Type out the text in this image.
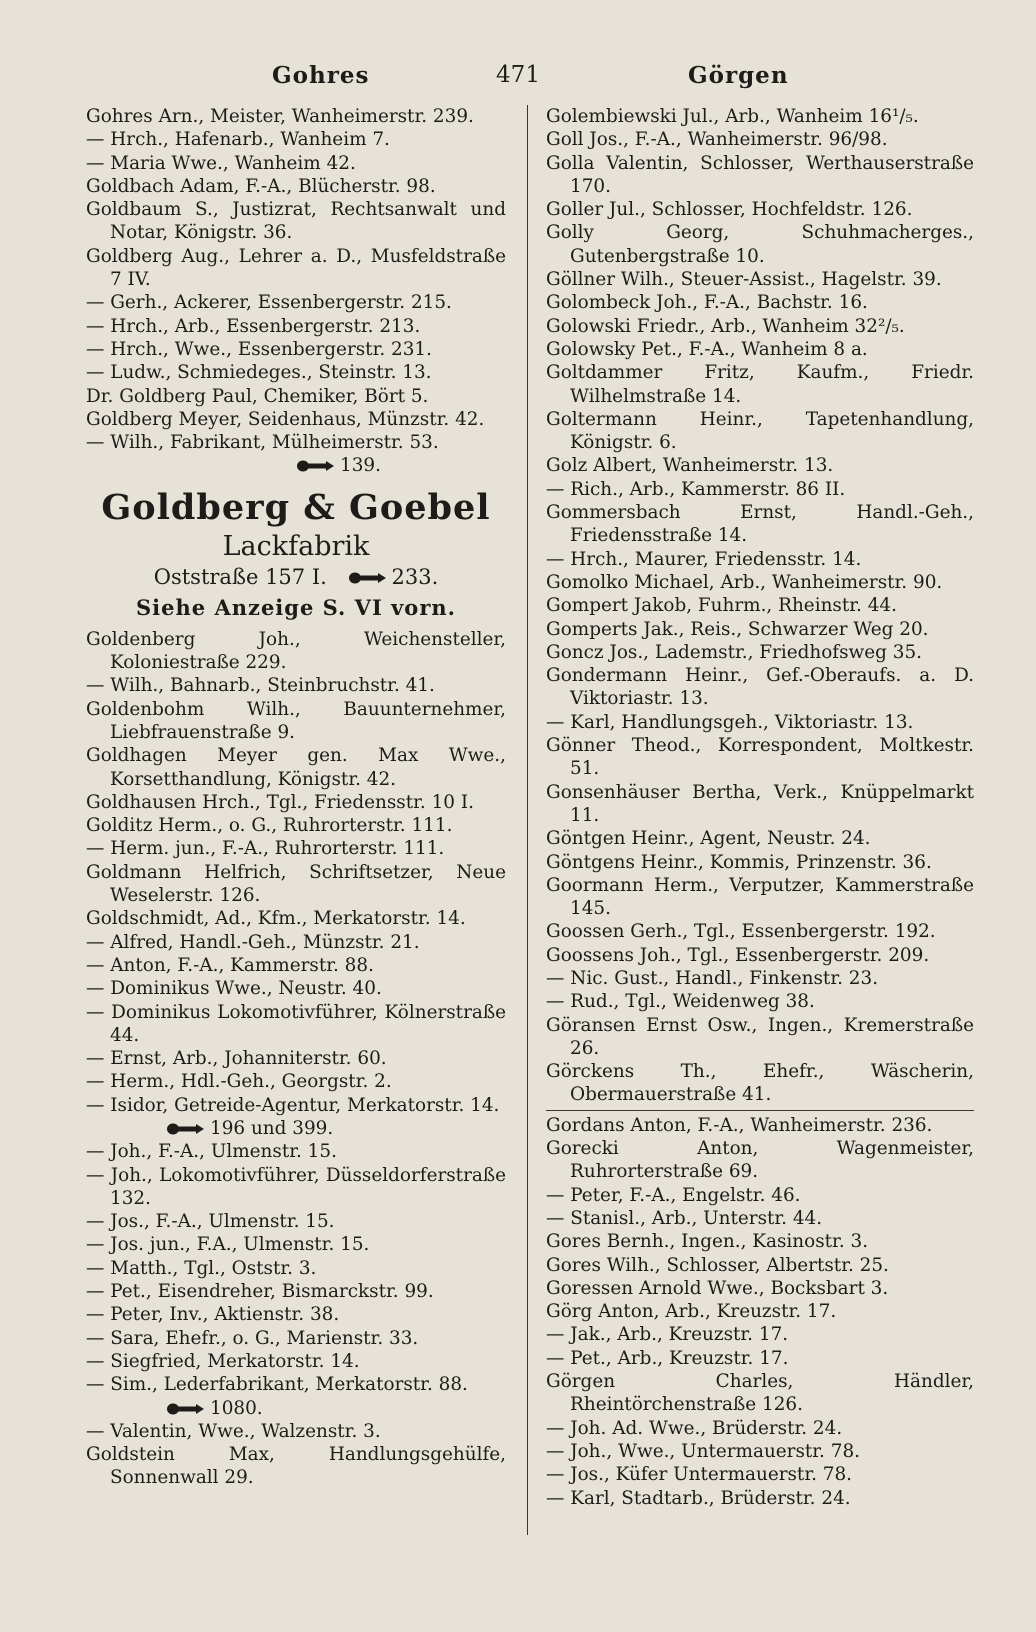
Gohres	471	Görgen
Gohres Arn., Meister, Wanheimerstr. 239.
— Hrch., Hafenarb., Wanheim 7.
— Maria Wwe., Wanheim 42.
Goldbach Adam, F.-A., Blücherstr. 98.
Goldbaum S., Justizrat, Rechtsanwalt und Notar, Königstr. 36.
Goldberg Aug., Lehrer a. D., Musfeldstraße 7 IV.
— Gerh., Ackerer, Essenbergerstr. 215.
— Hrch., Arb., Essenbergerstr. 213.
— Hrch., Wwe., Essenbergerstr. 231.
— Ludw., Schmiedeges., Steinstr. 13.
Dr. Goldberg Paul, Chemiker, Bört 5.
Goldberg Meyer, Seidenhaus, Münzstr. 42.
— Wilh., Fabrikant, Mülheimerstr. 53.
139.
Goldberg & Goebel
Lackfabrik
Oststraße 157 I.	233.
Siehe Anzeige S. VI vorn.
Goldenberg Joh., Weichensteller, Koloniestraße 229.
— Wilh., Bahnarb., Steinbruchstr. 41.
Goldenbohm Wilh., Bauunternehmer, Liebfrauenstraße 9.
Goldhagen Meyer gen. Max Wwe., Korsetthandlung, Königstr. 42.
Goldhausen Hrch., Tgl., Friedensstr. 10 I.
Golditz Herm., o. G., Ruhrorterstr. 111.
— Herm. jun., F.-A., Ruhrorterstr. 111.
Goldmann Helfrich, Schriftsetzer, Neue Weselerstr. 126.
Goldschmidt, Ad., Kfm., Merkatorstr. 14.
— Alfred, Handl.-Geh., Münzstr. 21.
— Anton, F.-A., Kammerstr. 88.
— Dominikus Wwe., Neustr. 40.
— Dominikus Lokomotivführer, Kölnerstraße 44.
— Ernst, Arb., Johanniterstr. 60.
— Herm., Hdl.-Geh., Georgstr. 2.
— Isidor, Getreide-Agentur, Merkatorstr. 14.
196 und 399.
— Joh., F.-A., Ulmenstr. 15.
— Joh., Lokomotivführer, Düsseldorferstraße 132.
— Jos., F.-A., Ulmenstr. 15.
— Jos. jun., F.A., Ulmenstr. 15.
— Matth., Tgl., Oststr. 3.
— Pet., Eisendreher, Bismarckstr. 99.
— Peter, Inv., Aktienstr. 38.
— Sara, Ehefr., o. G., Marienstr. 33.
— Siegfried, Merkatorstr. 14.
— Sim., Lederfabrikant, Merkatorstr. 88.
1080.
— Valentin, Wwe., Walzenstr. 3.
Goldstein Max, Handlungsgehülfe, Sonnenwall 29.
Golembiewski Jul., Arb., Wanheim 16¹/₅.
Goll Jos., F.-A., Wanheimerstr. 96/98.
Golla Valentin, Schlosser, Werthauserstraße 170.
Goller Jul., Schlosser, Hochfeldstr. 126.
Golly Georg, Schuhmacherges., Gutenbergstraße 10.
Göllner Wilh., Steuer-Assist., Hagelstr. 39.
Golombeck Joh., F.-A., Bachstr. 16.
Golowski Friedr., Arb., Wanheim 32²/₅.
Golowsky Pet., F.-A., Wanheim 8 a.
Goltdammer Fritz, Kaufm., Friedr. Wilhelmstraße 14.
Goltermann Heinr., Tapetenhandlung, Königstr. 6.
Golz Albert, Wanheimerstr. 13.
— Rich., Arb., Kammerstr. 86 II.
Gommersbach Ernst, Handl.-Geh., Friedensstraße 14.
— Hrch., Maurer, Friedensstr. 14.
Gomolko Michael, Arb., Wanheimerstr. 90.
Gompert Jakob, Fuhrm., Rheinstr. 44.
Gomperts Jak., Reis., Schwarzer Weg 20.
Goncz Jos., Lademstr., Friedhofsweg 35.
Gondermann Heinr., Gef.-Oberaufs. a. D. Viktoriastr. 13.
— Karl, Handlungsgeh., Viktoriastr. 13.
Gönner Theod., Korrespondent, Moltkestr. 51.
Gonsenhäuser Bertha, Verk., Knüppelmarkt 11.
Göntgen Heinr., Agent, Neustr. 24.
Göntgens Heinr., Kommis, Prinzenstr. 36.
Goormann Herm., Verputzer, Kammerstraße 145.
Goossen Gerh., Tgl., Essenbergerstr. 192.
Goossens Joh., Tgl., Essenbergerstr. 209.
— Nic. Gust., Handl., Finkenstr. 23.
— Rud., Tgl., Weidenweg 38.
Göransen Ernst Osw., Ingen., Kremerstraße 26.
Görckens Th., Ehefr., Wäscherin, Obermauerstraße 41.
Gordans Anton, F.-A., Wanheimerstr. 236.
Gorecki Anton, Wagenmeister, Ruhrorterstraße 69.
— Peter, F.-A., Engelstr. 46.
— Stanisl., Arb., Unterstr. 44.
Gores Bernh., Ingen., Kasinostr. 3.
Gores Wilh., Schlosser, Albertstr. 25.
Goressen Arnold Wwe., Bocksbart 3.
Görg Anton, Arb., Kreuzstr. 17.
— Jak., Arb., Kreuzstr. 17.
— Pet., Arb., Kreuzstr. 17.
Görgen Charles, Händler, Rheintörchenstraße 126.
— Joh. Ad. Wwe., Brüderstr. 24.
— Joh., Wwe., Untermauerstr. 78.
— Jos., Küfer Untermauerstr. 78.
— Karl, Stadtarb., Brüderstr. 24.
